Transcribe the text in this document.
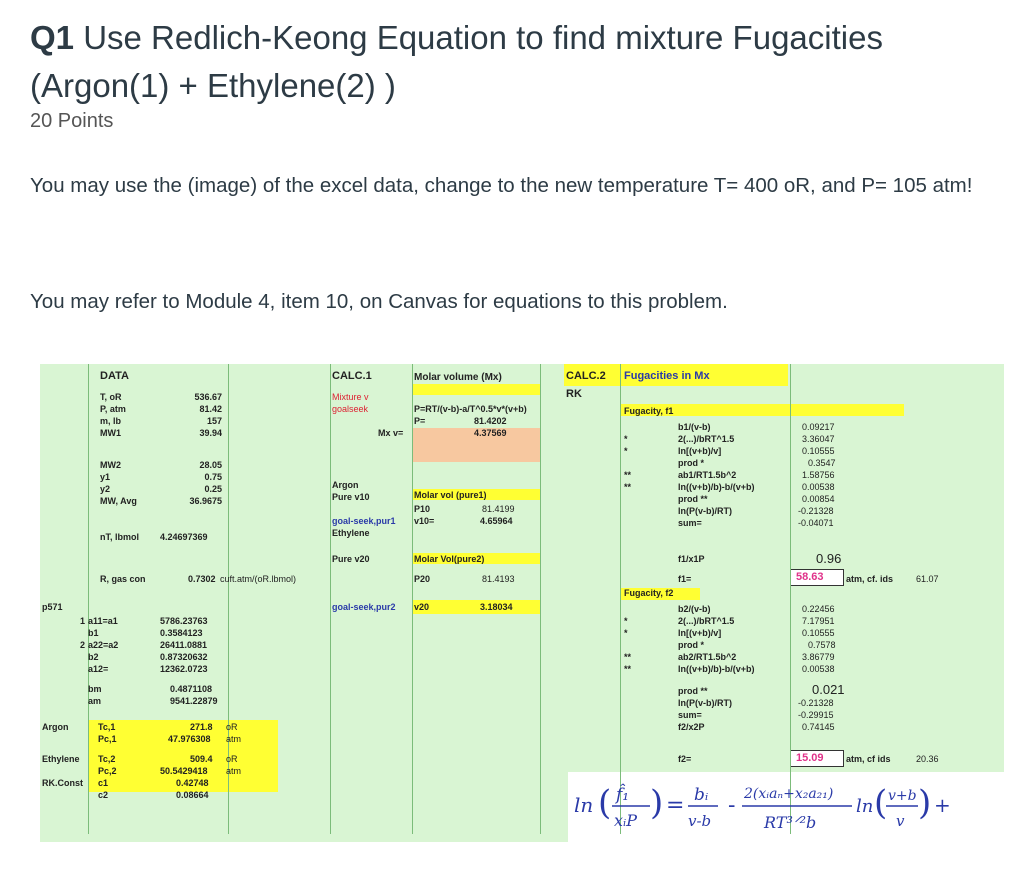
Q1 Use Redlich-Keong Equation to find mixture Fugacities (Argon(1) + Ethylene(2) )
20 Points
You may use the (image) of the excel data, change to the new temperature T= 400 oR, and P= 105 atm!
You may refer to Module 4, item 10, on Canvas for equations to this problem.
DATA	CALC.1	Molar volume (Mx)	CALC.2 Fugacities in Mx
RK
T, oR	536.67
P, atm	81.42
m, lb	157
MW1	39.94
MW2	28.05
y1	0.75
y2	0.25
MW, Avg	36.9675
nT, lbmol 4.24697369
R, gas con	0.7302 cuft.atm/(oR.lbmol)
p571
1 a11=a1	5786.23763
b1	0.3584123
2 a22=a2	26411.0881
b2	0.87320632
a12=	12362.0723
bm	0.4871108
am	9541.22879
Argon	Tc,1	271.8 oR
Pc,1	47.976308 atm
Ethylene Tc,2	509.4 oR
Pc,2	50.5429418 atm
RK.Const c1	0.42748
c2	0.08664
Mixture v
goalseek	P=RT/(v-b)-a/T^0.5*v*(v+b)
P=	81.4202
Mx v=	4.37569
Argon
Pure v10	Molar vol (pure1)
P10	81.4199
goal-seek,pur1 v10=	4.65964
Ethylene
Pure v20	Molar Vol(pure2)
P20	81.4193
goal-seek,pur2 v20	3.18034
Fugacity, f1
*
*
**
**
b1/(v-b)	0.09217
2(...)/bRT^1.5	3.36047
ln[(v+b)/v]	0.10555
prod *	0.3547
ab1/RT1.5b^2	1.58756
ln((v+b)/b)-b/(v+b)	0.00538
prod **	0.00854
ln(P(v-b)/RT)	-0.21328
sum=	-0.04071
f1/x1P	0.96
f1=	58.63 atm, cf. ids	61.07
Fugacity, f2
*
*
**
**
b2/(v-b)	0.22456
2(...)/bRT^1.5	7.17951
ln[(v+b)/v]	0.10555
prod *	0.7578
ab2/RT1.5b^2	3.86779
ln((v+b)/b)-b/(v+b)	0.00538
prod **	0.021
ln(P(v-b)/RT)	-0.21328
sum=	-0.29915
f2/x2P	0.74145
f2=	15.09 atm, cf ids	20.36
ln ( f̂₁
xᵢP ) = bᵢ
v-b
- 2(xᵢaₙ+x₂a₂₁)
RT³ᐟ²b
ln ( v+b
v ) +
